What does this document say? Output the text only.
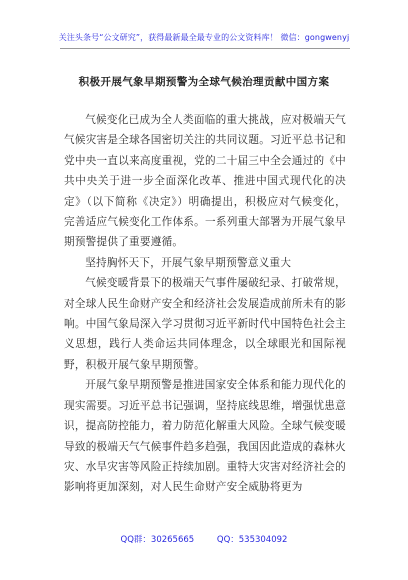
关注头条号“公文研究”，获得最新最全最专业的公文资料库！ 微信：gongwenyj
积极开展气象早期预警为全球气候治理贡献中国方案

气候变化已成为全人类面临的重大挑战，应对极端天气气候灾害是全球各国密切关注的共同议题。习近平总书记和党中央一直以来高度重视，党的二十届三中全会通过的《中共中央关于进一步全面深化改革、推进中国式现代化的决定》（以下简称《决定》）明确提出，积极应对气候变化，完善适应气候变化工作体系。一系列重大部署为开展气象早期预警提供了重要遵循。

坚持胸怀天下，开展气象早期预警意义重大

气候变暖背景下的极端天气事件屡破纪录、打破常规，对全球人民生命财产安全和经济社会发展造成前所未有的影响。中国气象局深入学习贯彻习近平新时代中国特色社会主义思想，践行人类命运共同体理念，以全球眼光和国际视野，积极开展气象早期预警。

开展气象早期预警是推进国家安全体系和能力现代化的现实需要。习近平总书记强调，坚持底线思维，增强忧患意识，提高防控能力，着力防范化解重大风险。全球气候变暖导致的极端天气气候事件趋多趋强，我国因此造成的森林火灾、水旱灾害等风险正持续加剧。重特大灾害对经济社会的影响将更加深刻，对人民生命财产安全威胁将更为

QQ群：30265665	QQ：535304092
